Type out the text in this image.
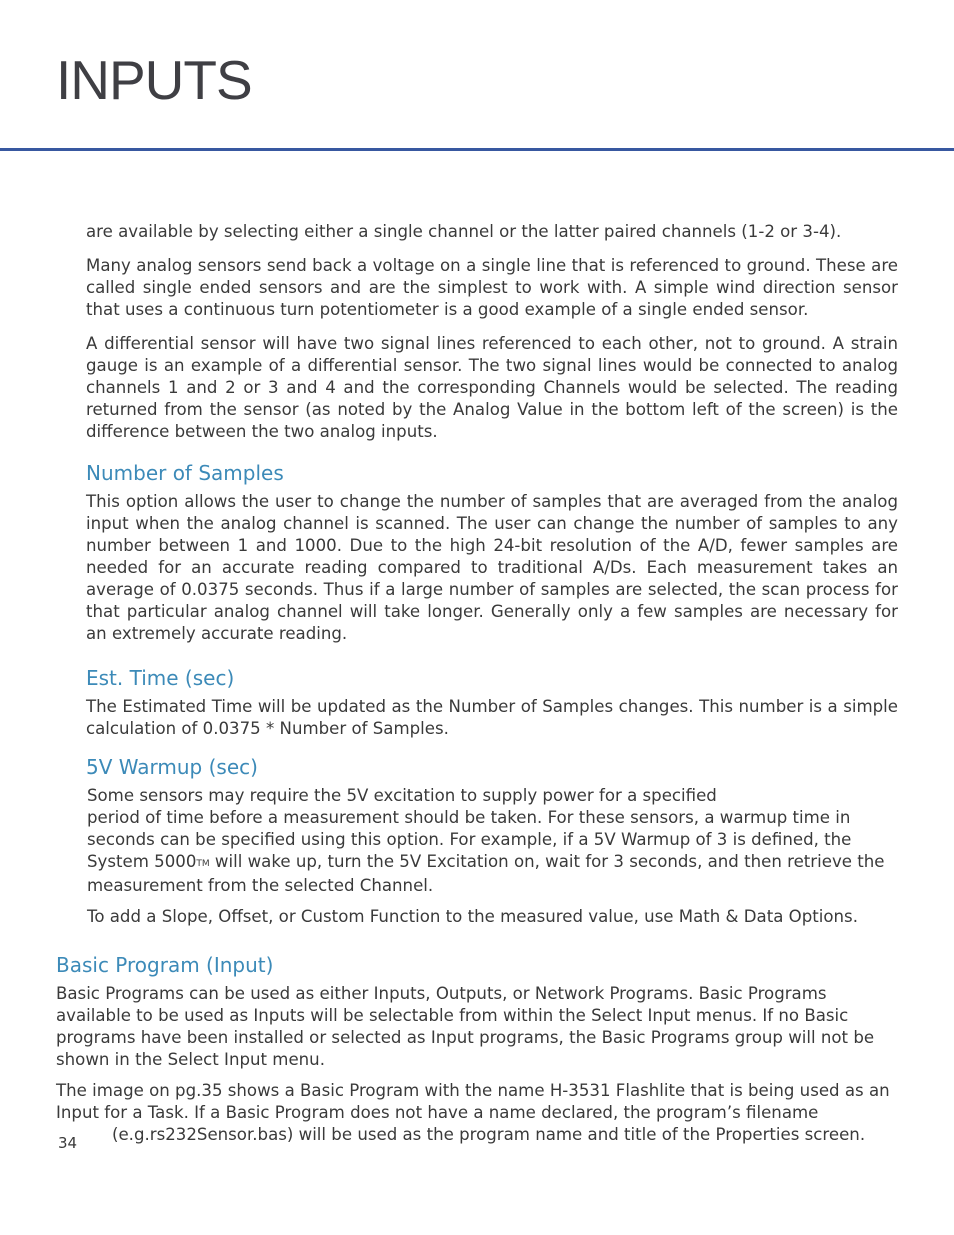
INPUTS

are available by selecting either a single channel or the latter paired channels (1-2 or 3-4).

Many analog sensors send back a voltage on a single line that is referenced to ground. These are called single ended sensors and are the simplest to work with. A simple wind direction sensor that uses a continuous turn potentiometer is a good example of a single ended sensor.

A differential sensor will have two signal lines referenced to each other, not to ground. A strain gauge is an example of a differential sensor. The two signal lines would be connected to analog channels 1 and 2 or 3 and 4 and the corresponding Channels would be selected. The reading returned from the sensor (as noted by the Analog Value in the bottom left of the screen) is the difference between the two analog inputs.

Number of Samples

This option allows the user to change the number of samples that are averaged from the analog input when the analog channel is scanned. The user can change the number of samples to any number between 1 and 1000. Due to the high 24-bit resolution of the A/D, fewer samples are needed for an accurate reading compared to traditional A/Ds. Each measurement takes an average of 0.0375 seconds. Thus if a large number of samples are selected, the scan process for that particular analog channel will take longer. Generally only a few samples are necessary for an extremely accurate reading.

Est. Time (sec)

The Estimated Time will be updated as the Number of Samples changes. This number is a simple calculation of 0.0375 * Number of Samples.

5V Warmup (sec)
Some sensors may require the 5V excitation to supply power for a specified
period of time before a measurement should be taken. For these sensors, a warmup time in
seconds can be specified using this option. For example, if a 5V Warmup of 3 is defined, the
System 5000TM will wake up, turn the 5V Excitation on, wait for 3 seconds, and then retrieve the
measurement from the selected Channel.

To add a Slope, Offset, or Custom Function to the measured value, use Math & Data Options.

Basic Program (Input)
Basic Programs can be used as either Inputs, Outputs, or Network Programs. Basic Programs
available to be used as Inputs will be selectable from within the Select Input menus. If no Basic
programs have been installed or selected as Input programs, the Basic Programs group will not be
shown in the Select Input menu.
The image on pg.35 shows a Basic Program with the name H-3531 Flashlite that is being used as an
Input for a Task. If a Basic Program does not have a name declared, the program’s filename
(e.g.rs232Sensor.bas) will be used as the program name and title of the Properties screen.
34
